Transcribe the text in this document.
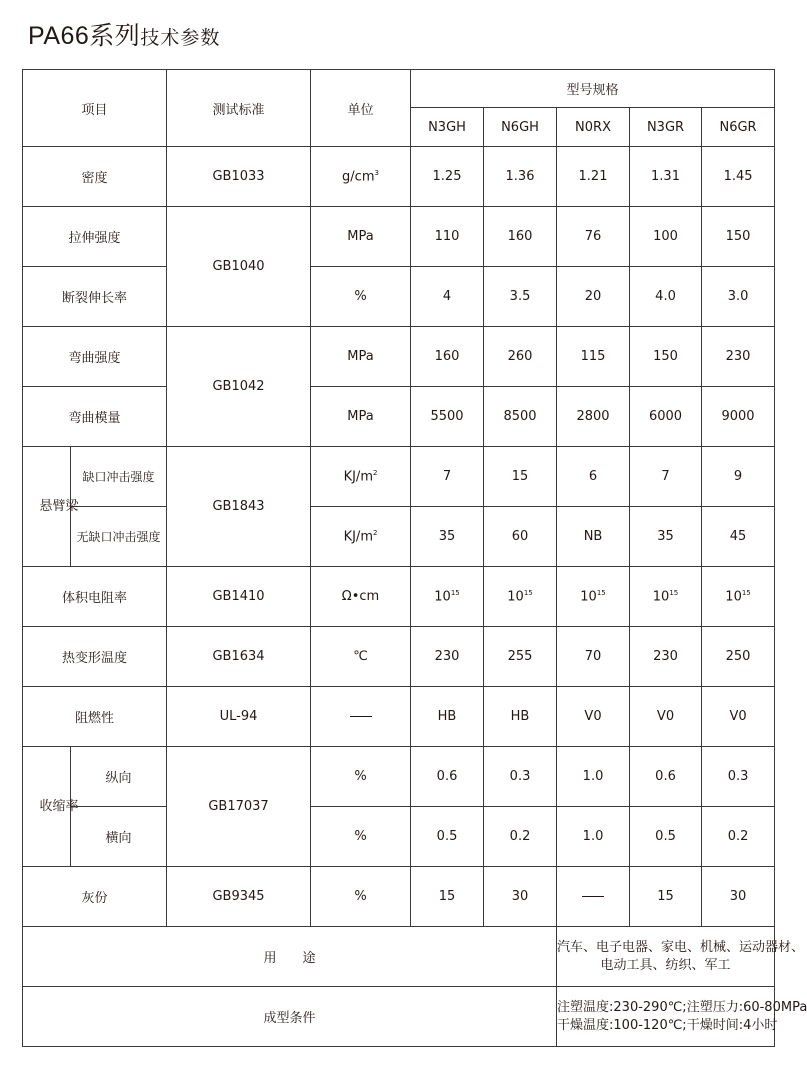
PA66系列技术参数
项目		测试标准	单位	型号规格				
				N3GH	N6GH	N0RX	N3GR	N6GR
密度		GB1033	$g/cm^3$	1.25	1.36	1.21	1.31	1.45
拉伸强度		GB1040	MPa	110	160	76	100	150
断裂伸长率			%	4	3.5	20	4.0	3.0
弯曲强度		GB1042	MPa	160	260	115	150	230
弯曲模量			MPa	5500	8500	2800	6000	9000
悬臂梁	缺口冲击强度	GB1843	$KJ/m^2$	7	15	6	7	9
	无缺口冲击强度		$KJ/m^2$	35	60	NB	35	45
体积电阻率		GB1410	Ω•cm	$10^{15}$	$10^{15}$	$10^{15}$	$10^{15}$	$10^{15}$
热变形温度		GB1634	℃	230	255	70	230	250
阻燃性		UL-94		HB	HB	V0	V0	V0
收缩率	纵向	GB17037	%	0.6	0.3	1.0	0.6	0.3
	横向		%	0.5	0.2	1.0	0.5	0.2
灰份		GB9345	%	15	30		15	30
用　　途						汽车、电子电器、家电、机械、运动器材、
电动工具、纺织、军工		

成型条件						注塑温度:230-290℃;注塑压力:60-80MPa
干燥温度:100-120℃;干燥时间:4小时		
